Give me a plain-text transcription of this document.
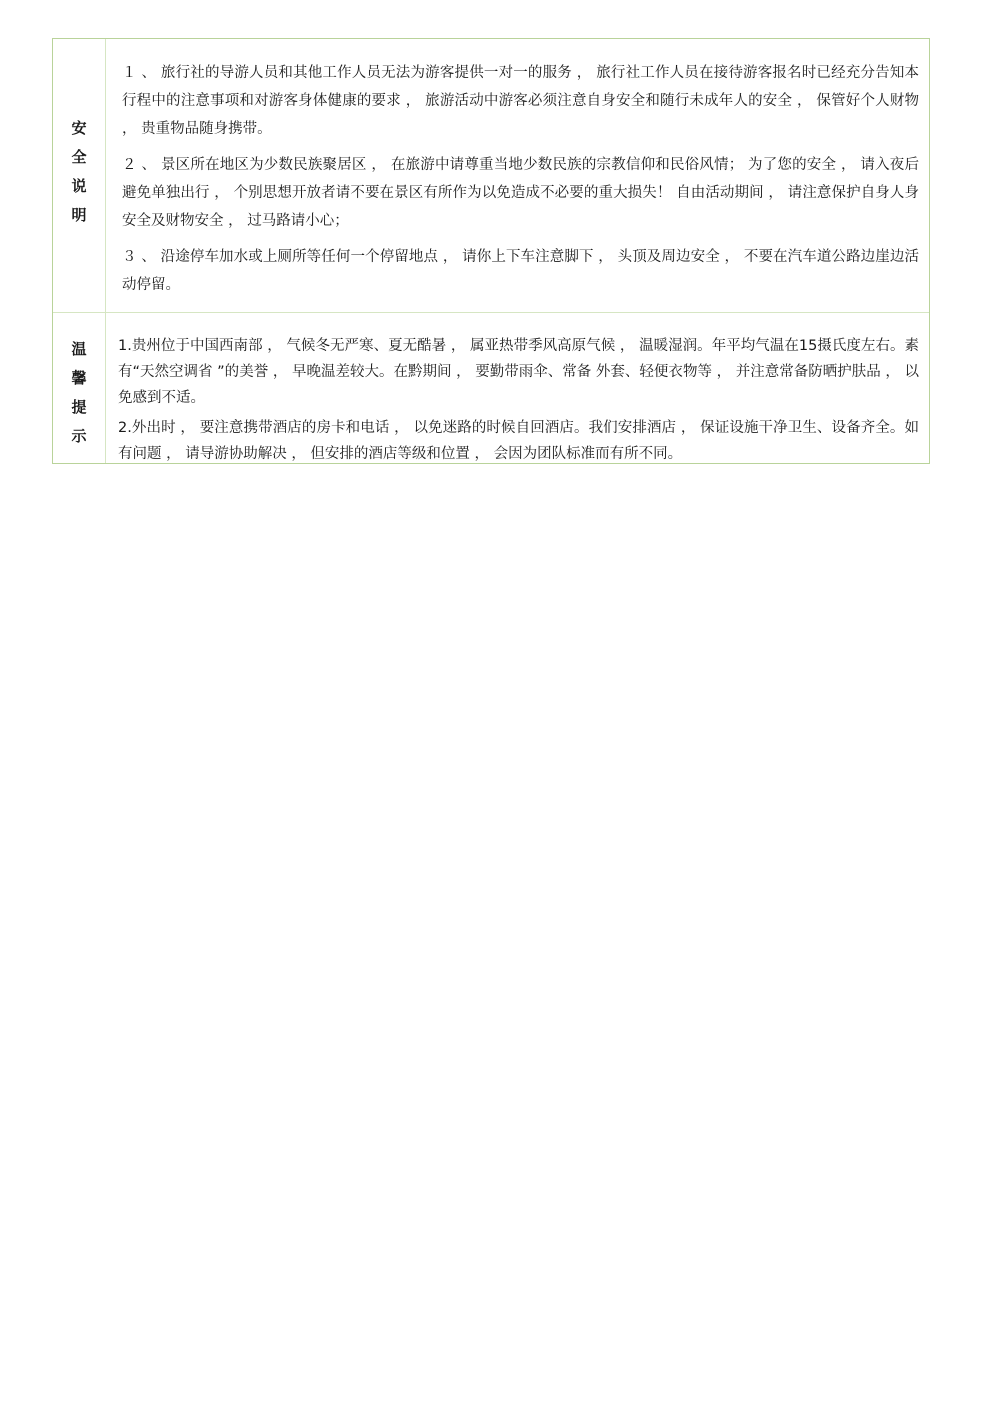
安
全
说
明

１ 、 旅行社的导游人员和其他工作人员无法为游客提供一对一的服务 ， 旅行社工作人员在接待游客报名时已经充分告知本行程中的注意事项和对游客身体健康的要求 ， 旅游活动中游客必须注意自身安全和随行未成年人的安全 ， 保管好个人财物 ， 贵重物品随身携带。

２ 、 景区所在地区为少数民族聚居区 ， 在旅游中请尊重当地少数民族的宗教信仰和民俗风情； 为了您的安全 ， 请入夜后避免单独出行 ， 个别思想开放者请不要在景区有所作为以免造成不必要的重大损失！ 自由活动期间 ， 请注意保护自身人身安全及财物安全 ， 过马路请小心；

３ 、 沿途停车加水或上厕所等任何一个停留地点 ， 请你上下车注意脚下 ， 头顶及周边安全 ， 不要在汽车道公路边崖边活动停留。

温
馨
提
示

1.贵州位于中国西南部 ， 气候冬无严寒、夏无酷暑 ， 属亚热带季风高原气候 ， 温暖湿润。年平均气温在15摄氏度左右。素有“天然空调省 ”的美誉 ， 早晚温差较大。在黔期间 ， 要勤带雨伞、常备 外套、轻便衣物等 ， 并注意常备防晒护肤品 ， 以免感到不适。

2.外出时 ， 要注意携带酒店的房卡和电话 ， 以免迷路的时候自回酒店。我们安排酒店 ， 保证设施干净卫生、设备齐全。如有问题 ， 请导游协助解决 ， 但安排的酒店等级和位置 ， 会因为团队标准而有所不同。
